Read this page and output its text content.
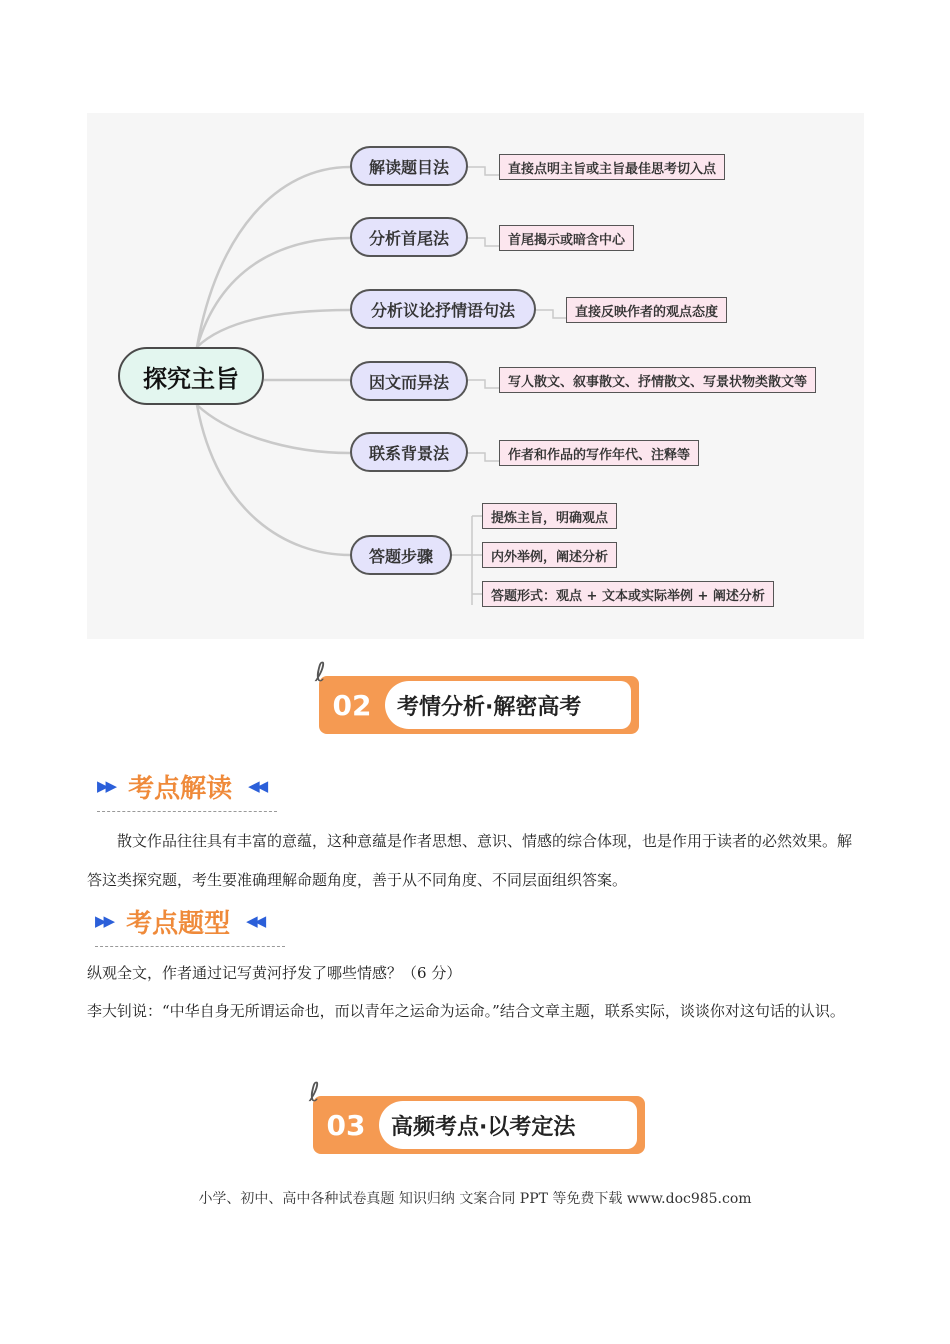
探究主旨
解读题目法	直接点明主旨或主旨最佳思考切入点
分析首尾法	首尾揭示或暗含中心
分析议论抒情语句法	直接反映作者的观点态度
因文而异法	写人散文、叙事散文、抒情散文、写景状物类散文等
联系背景法	作者和作品的写作年代、注释等
答题步骤
提炼主旨，明确观点
内外举例，阐述分析
答题形式：观点 + 文本或实际举例 + 阐述分析
ℓ
02	考情分析·解密高考
▶▶ 考点解读 ◀◀
散文作品往往具有丰富的意蕴，这种意蕴是作者思想、意识、情感的综合体现，也是作用于读者的必然效果。解答这类探究题，考生要准确理解命题角度，善于从不同角度、不同层面组织答案。
▶▶ 考点题型 ◀◀
纵观全文，作者通过记写黄河抒发了哪些情感？（6 分）
李大钊说：“中华自身无所谓运命也，而以青年之运命为运命。”结合文章主题，联系实际，谈谈你对这句话的认识。
ℓ
03	高频考点·以考定法
小学、初中、高中各种试卷真题 知识归纳 文案合同 PPT 等免费下载 www.doc985.com
